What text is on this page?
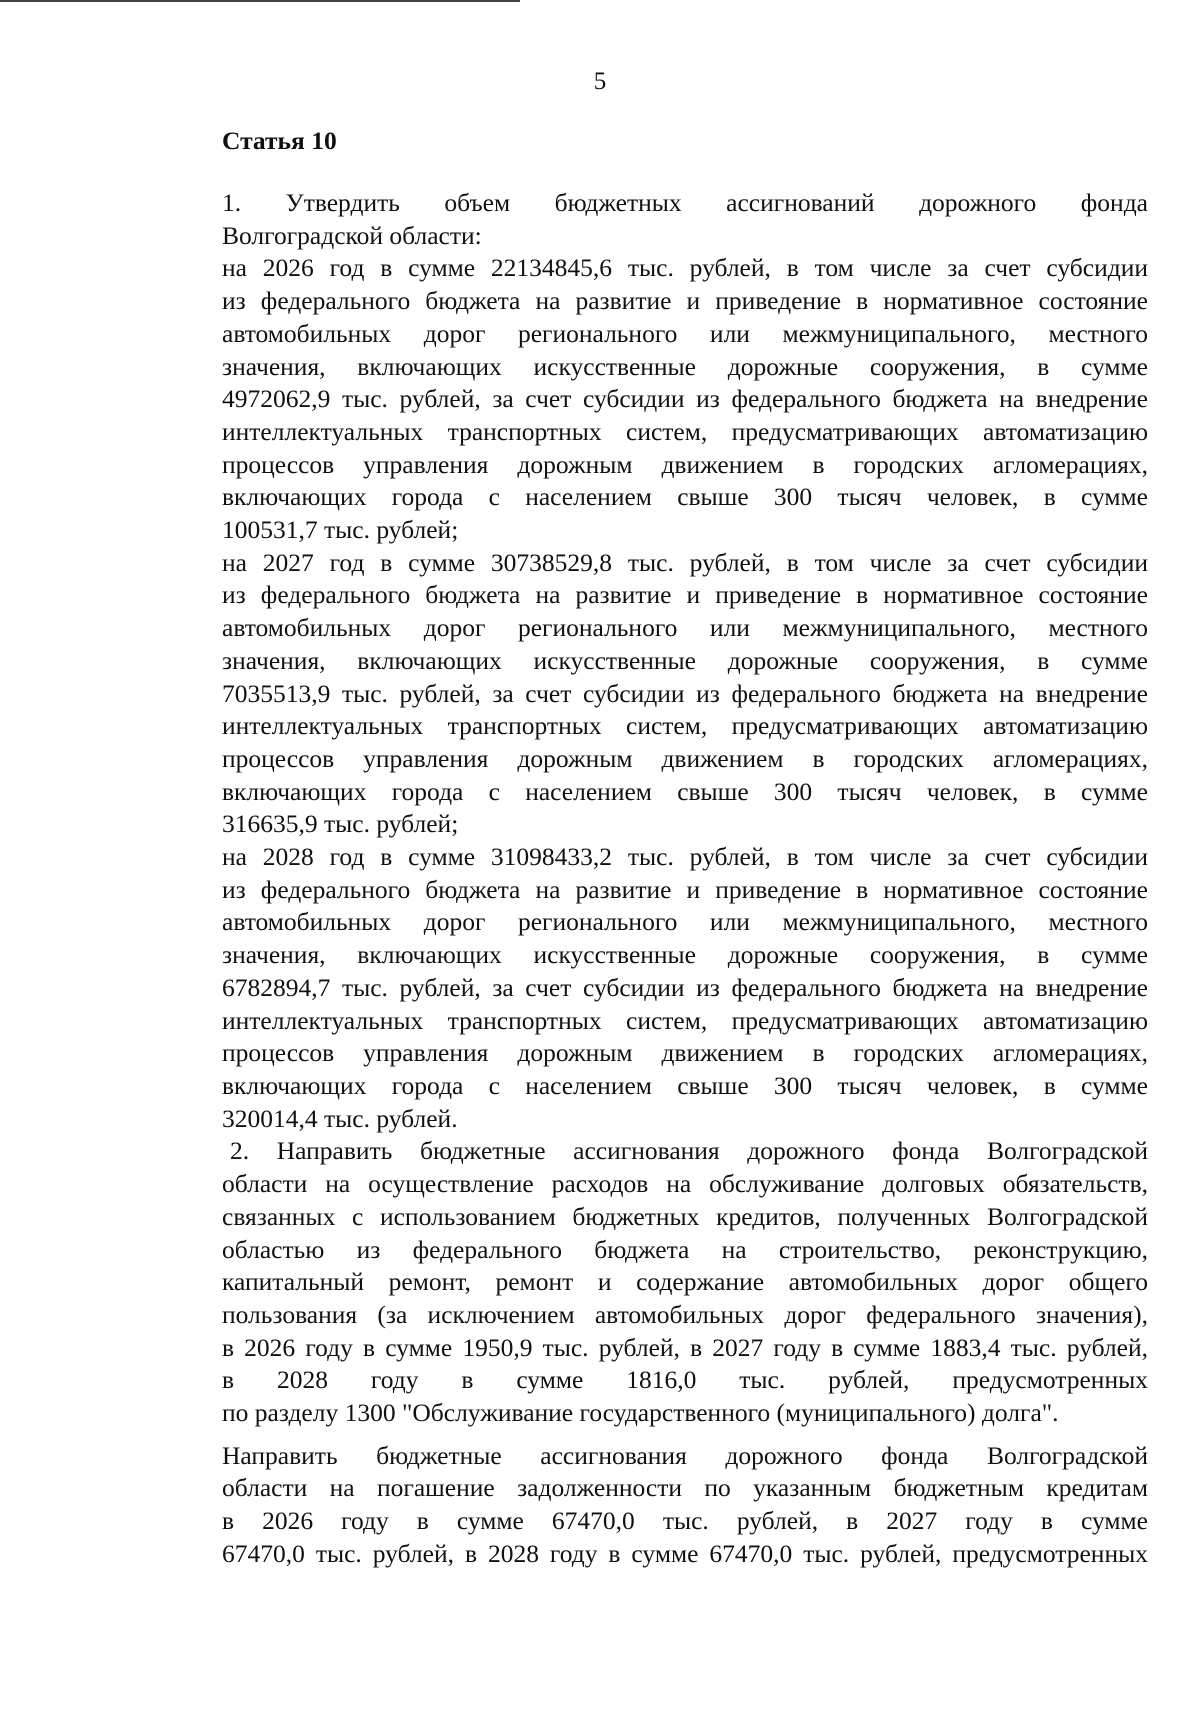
5
Статья 10
1. Утвердить объем бюджетных ассигнований дорожного фонда
Волгоградской области:
на 2026 год в сумме 22134845,6 тыс. рублей, в том числе за счет субсидии
из федерального бюджета на развитие и приведение в нормативное состояние
автомобильных дорог регионального или межмуниципального, местного
значения, включающих искусственные дорожные сооружения, в сумме
4972062,9 тыс. рублей, за счет субсидии из федерального бюджета на внедрение
интеллектуальных транспортных систем, предусматривающих автоматизацию
процессов управления дорожным движением в городских агломерациях,
включающих города с населением свыше 300 тысяч человек, в сумме
100531,7 тыс. рублей;
на 2027 год в сумме 30738529,8 тыс. рублей, в том числе за счет субсидии
из федерального бюджета на развитие и приведение в нормативное состояние
автомобильных дорог регионального или межмуниципального, местного
значения, включающих искусственные дорожные сооружения, в сумме
7035513,9 тыс. рублей, за счет субсидии из федерального бюджета на внедрение
интеллектуальных транспортных систем, предусматривающих автоматизацию
процессов управления дорожным движением в городских агломерациях,
включающих города с населением свыше 300 тысяч человек, в сумме
316635,9 тыс. рублей;
на 2028 год в сумме 31098433,2 тыс. рублей, в том числе за счет субсидии
из федерального бюджета на развитие и приведение в нормативное состояние
автомобильных дорог регионального или межмуниципального, местного
значения, включающих искусственные дорожные сооружения, в сумме
6782894,7 тыс. рублей, за счет субсидии из федерального бюджета на внедрение
интеллектуальных транспортных систем, предусматривающих автоматизацию
процессов управления дорожным движением в городских агломерациях,
включающих города с населением свыше 300 тысяч человек, в сумме
320014,4 тыс. рублей.
2. Направить бюджетные ассигнования дорожного фонда Волгоградской
области на осуществление расходов на обслуживание долговых обязательств,
связанных с использованием бюджетных кредитов, полученных Волгоградской
областью из федерального бюджета на строительство, реконструкцию,
капитальный ремонт, ремонт и содержание автомобильных дорог общего
пользования (за исключением автомобильных дорог федерального значения),
в 2026 году в сумме 1950,9 тыс. рублей, в 2027 году в сумме 1883,4 тыс. рублей,
в 2028 году в сумме 1816,0 тыс. рублей, предусмотренных
по разделу 1300 "Обслуживание государственного (муниципального) долга".
Направить бюджетные ассигнования дорожного фонда Волгоградской
области на погашение задолженности по указанным бюджетным кредитам
в 2026 году в сумме 67470,0 тыс. рублей, в 2027 году в сумме
67470,0 тыс. рублей, в 2028 году в сумме 67470,0 тыс. рублей, предусмотренных
